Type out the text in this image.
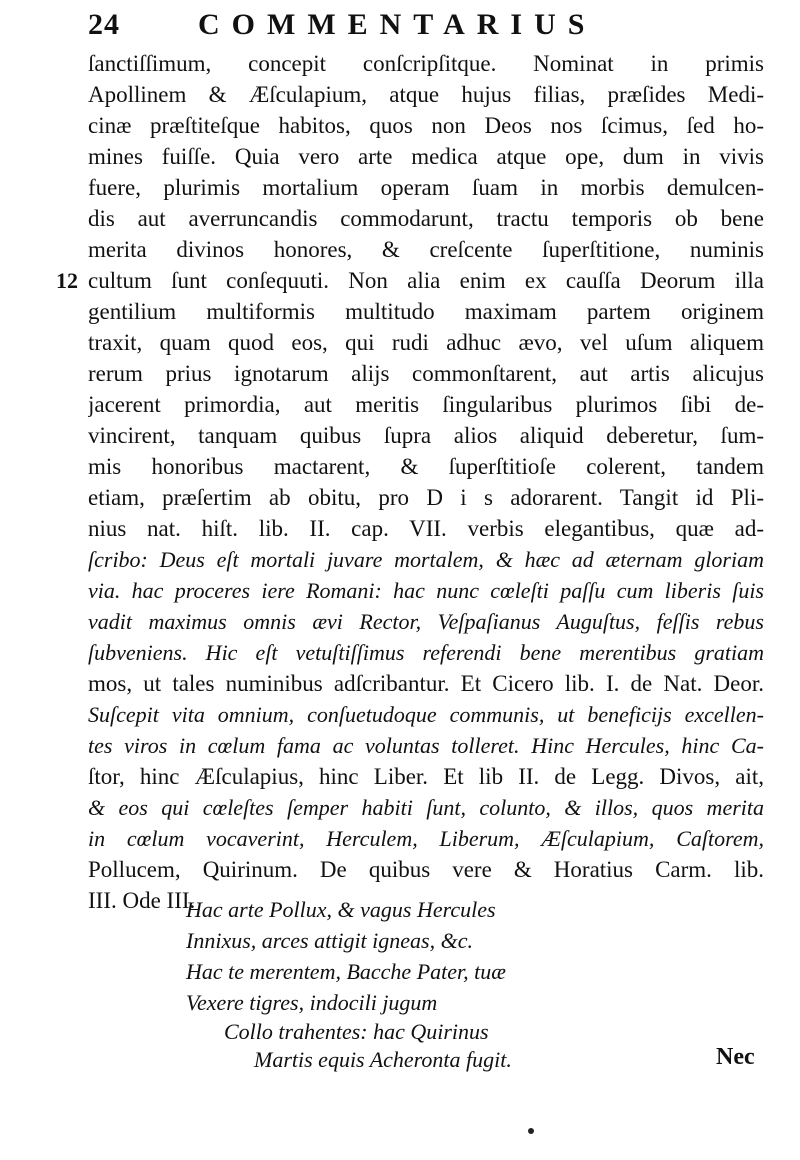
24	COMMENTARIUS
12
ſanctiſſimum, concepit conſcripſitque. Nominat in primis
Apollinem & Æſculapium, atque hujus filias, præſides Medi-
cinæ præſtiteſque habitos, quos non Deos nos ſcimus, ſed ho-
mines fuiſſe. Quia vero arte medica atque ope, dum in vivis
fuere, plurimis mortalium operam ſuam in morbis demulcen-
dis aut averruncandis commodarunt, tractu temporis ob bene
merita divinos honores, & creſcente ſuperſtitione, numinis
cultum ſunt conſequuti. Non alia enim ex cauſſa Deorum illa
gentilium multiformis multitudo maximam partem originem
traxit, quam quod eos, qui rudi adhuc ævo, vel uſum aliquem
rerum prius ignotarum alijs commonſtarent, aut artis alicujus
jacerent primordia, aut meritis ſingularibus plurimos ſibi de-
vincirent, tanquam quibus ſupra alios aliquid deberetur, ſum-
mis honoribus mactarent, & ſuperſtitioſe colerent, tandem
etiam, præſertim ab obitu, pro D i s adorarent. Tangit id Pli-
nius nat. hiſt. lib. II. cap. VII. verbis elegantibus, quæ ad-
ſcribo: Deus eſt mortali juvare mortalem, & hæc ad æternam gloriam
via. hac proceres iere Romani: hac nunc cœleſti paſſu cum liberis ſuis
vadit maximus omnis ævi Rector, Veſpaſianus Auguſtus, feſſis rebus
ſubveniens. Hic eſt vetuſtiſſimus referendi bene merentibus gratiam
mos, ut tales numinibus adſcribantur. Et Cicero lib. I. de Nat. Deor.
Suſcepit vita omnium, conſuetudoque communis, ut beneficijs excellen-
tes viros in cœlum fama ac voluntas tolleret. Hinc Hercules, hinc Ca-
ſtor, hinc Æſculapius, hinc Liber. Et lib II. de Legg. Divos, ait,
& eos qui cœleſtes ſemper habiti ſunt, colunto, & illos, quos merita
in cœlum vocaverint, Herculem, Liberum, Æſculapium, Caſtorem,
Pollucem, Quirinum. De quibus vere & Horatius Carm. lib.
III. Ode III.
Hac arte Pollux, & vagus Hercules
Innixus, arces attigit igneas, &c.
Hac te merentem, Bacche Pater, tuæ
Vexere tigres, indocili jugum
Collo trahentes: hac Quirinus
Martis equis Acheronta fugit.	Nec
